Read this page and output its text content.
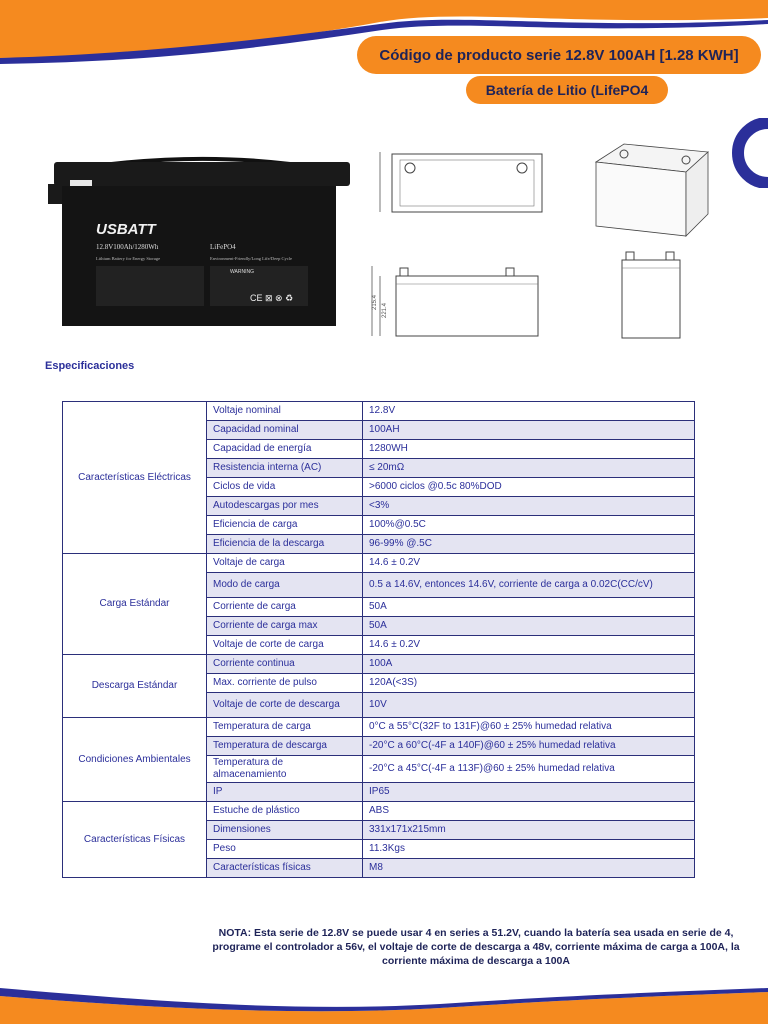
Código de producto serie 12.8V 100AH [1.28 KWH]
Batería de Litio (LifePO4
USBATT
12.8V100Ah/1280Wh	LiFePO4
Lithium Battery for Energy Storage	Environment-Friendly/Long Life/Deep Cycle
WARNING
CE ⊠ ⊗ ♻	215.4
221.4
Especificaciones
Características Eléctricas	Voltaje nominal	12.8V
	Capacidad nominal	100AH
	Capacidad de energía	1280WH
	Resistencia interna (AC)	≤ 20mΩ
	Ciclos de vida	>6000 ciclos @0.5c 80%DOD
	Autodescargas por mes	<3%
	Eficiencia de carga	100%@0.5C
	Eficiencia de la descarga	96-99% @.5C
Carga Estándar	Voltaje de carga	14.6 ± 0.2V
	Modo de carga	0.5 a 14.6V, entonces 14.6V, corriente de carga a 0.02C(CC/cV)
	Corriente de carga	50A
	Corriente de carga max	50A
	Voltaje de corte de carga	14.6 ± 0.2V
Descarga Estándar	Corriente continua	100A
	Max. corriente de pulso	120A(<3S)
	Voltaje de corte de descarga	10V
Condiciones Ambientales	Temperatura de carga	0°C a 55°C(32F to 131F)@60 ± 25% humedad relativa
	Temperatura de descarga	-20°C a 60°C(-4F a 140F)@60 ± 25% humedad relativa
	Temperatura de almacenamiento	-20°C a 45°C(-4F a 113F)@60 ± 25% humedad relativa
	IP	IP65
Características Físicas	Estuche de plástico	ABS
	Dimensiones	331x171x215mm
	Peso	11.3Kgs
	Características físicas	M8
NOTA: Esta serie de 12.8V se puede usar 4 en series a 51.2V, cuando la batería sea usada en serie de 4, programe el controlador a 56v, el voltaje de corte de descarga a 48v, corriente máxima de carga a 100A, la corriente máxima de descarga a 100A
